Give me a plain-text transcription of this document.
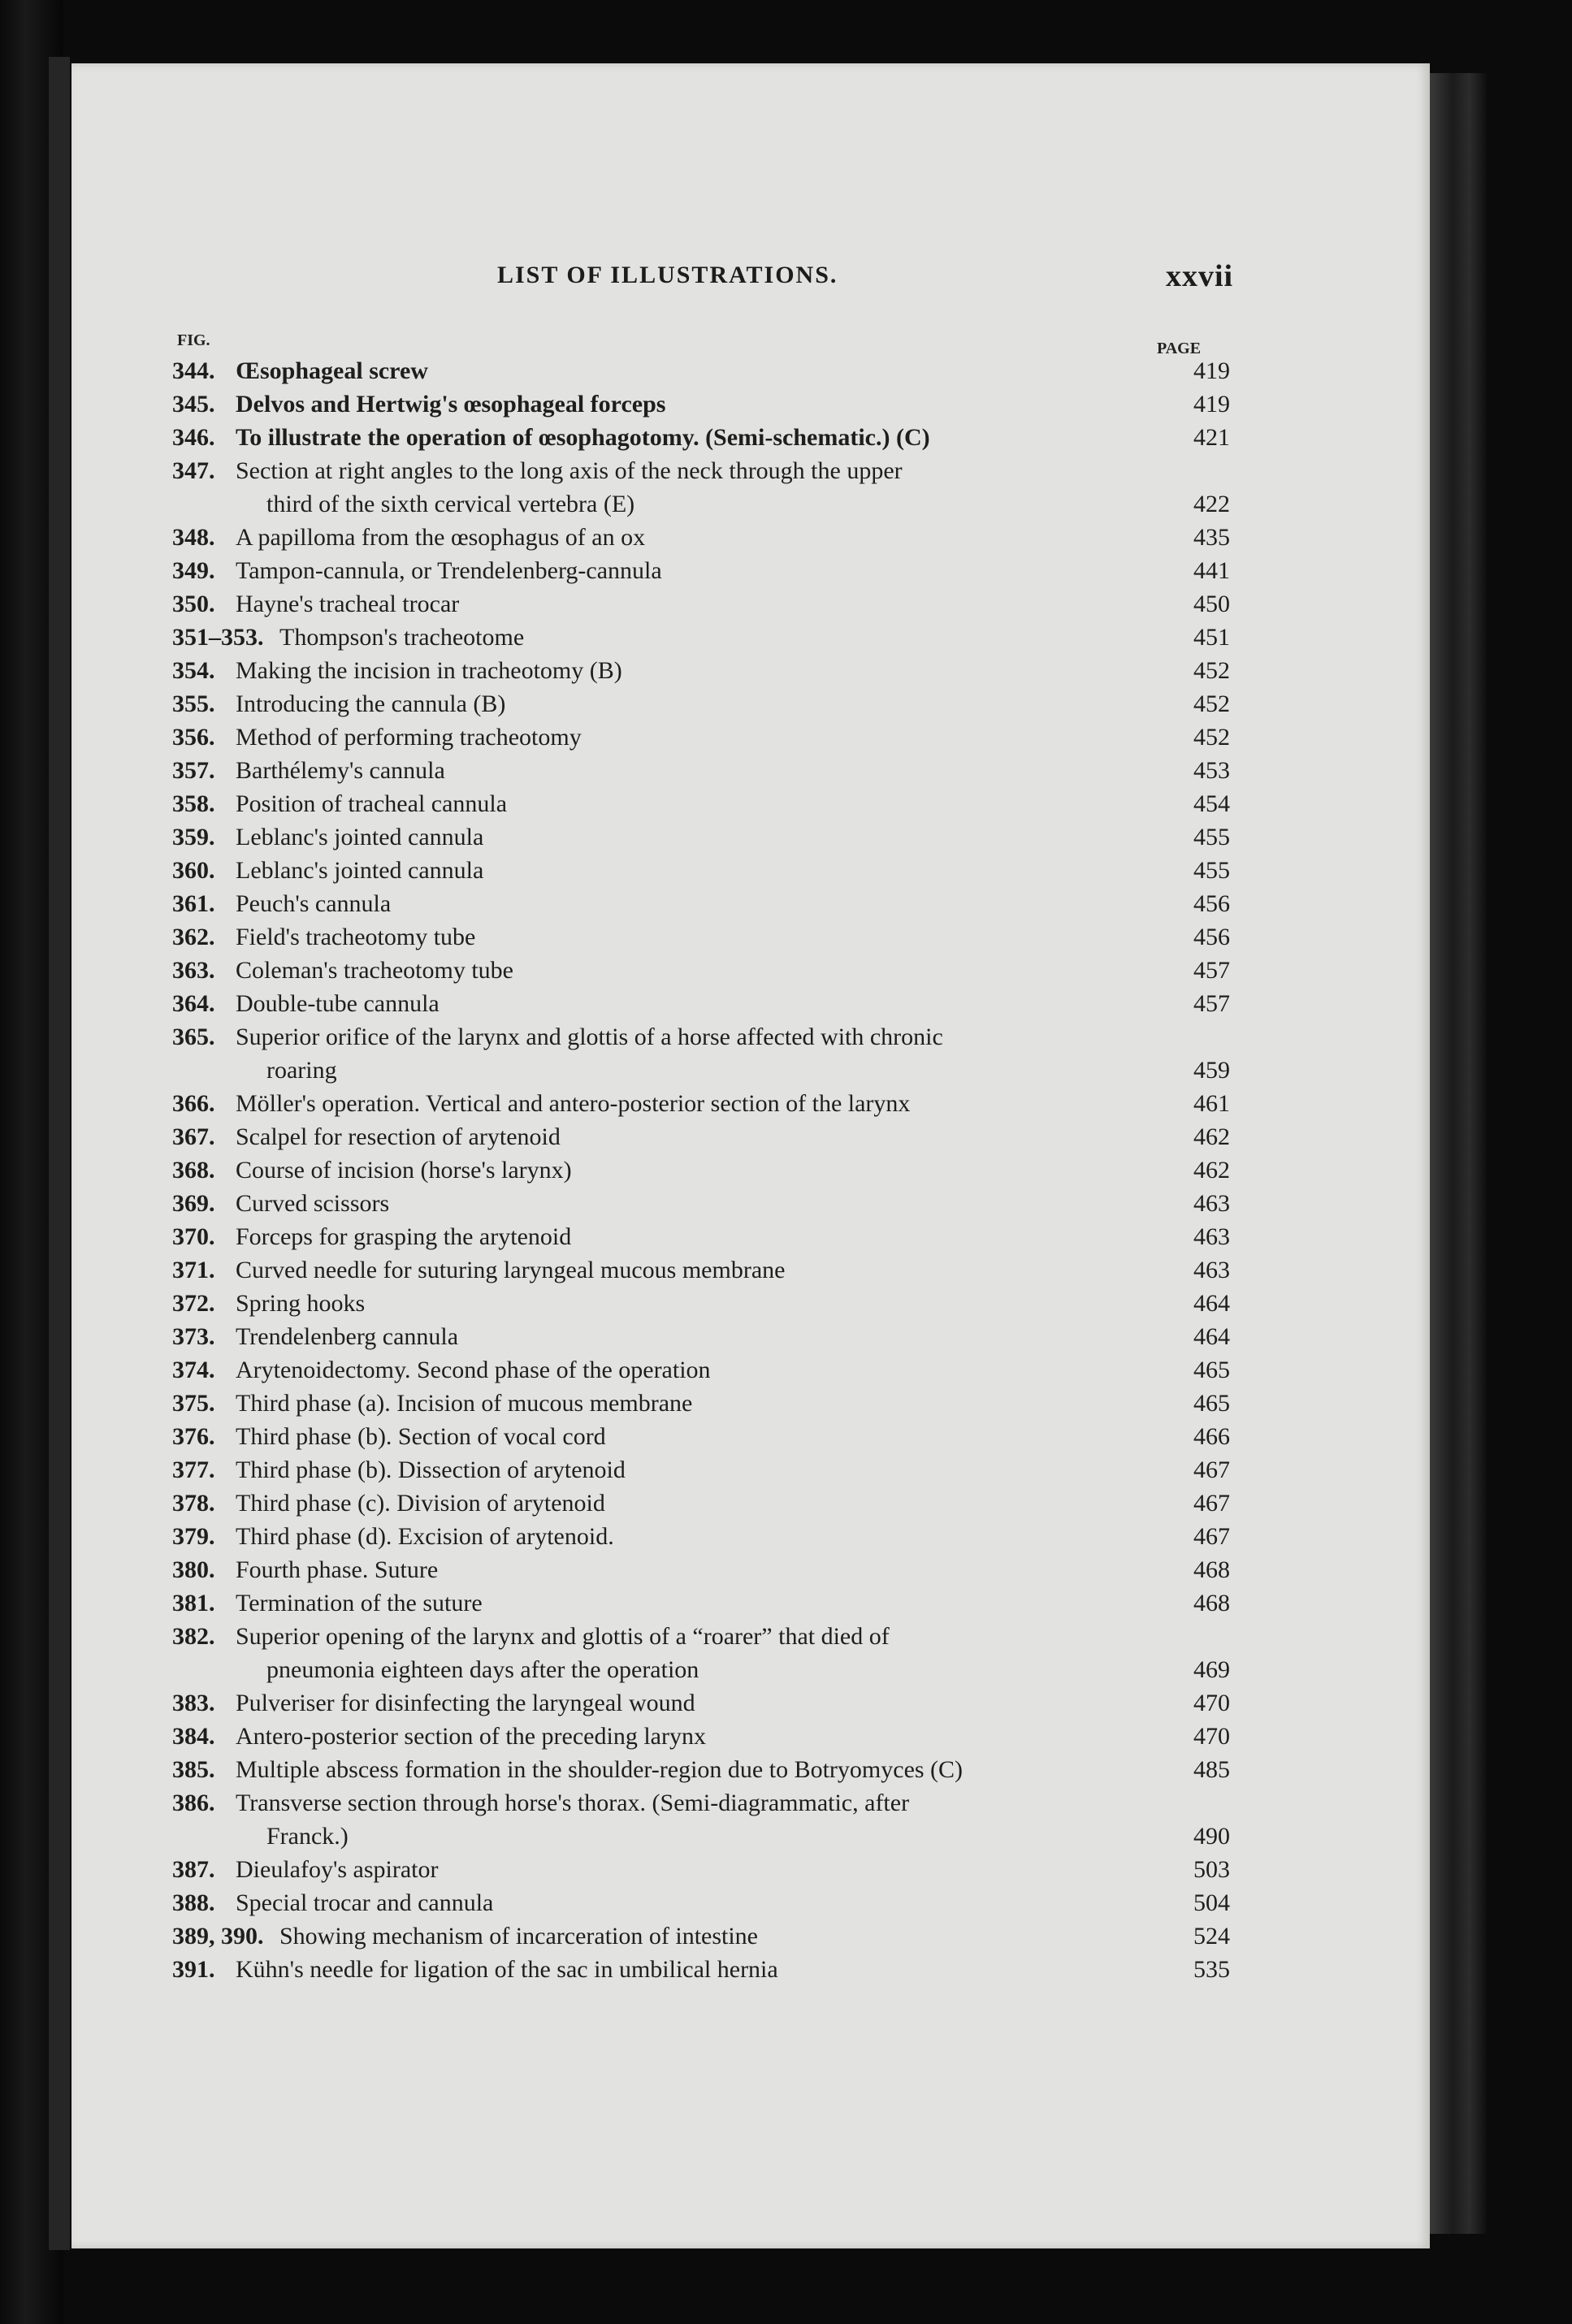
LIST OF ILLUSTRATIONS.	xxvii
FIG.	PAGE
344. Œsophageal screw	419
345. Delvos and Hertwig's œsophageal forceps	419
346. To illustrate the operation of œsophagotomy. (Semi-schematic.) (C)	421
347. Section at right angles to the long axis of the neck through the upper
third of the sixth cervical vertebra (E)	422
348. A papilloma from the œsophagus of an ox	435
349. Tampon-cannula, or Trendelenberg-cannula	441
350. Hayne's tracheal trocar	450
351–353. Thompson's tracheotome	451
354. Making the incision in tracheotomy (B)	452
355. Introducing the cannula (B)	452
356. Method of performing tracheotomy	452
357. Barthélemy's cannula	453
358. Position of tracheal cannula	454
359. Leblanc's jointed cannula	455
360. Leblanc's jointed cannula	455
361. Peuch's cannula	456
362. Field's tracheotomy tube	456
363. Coleman's tracheotomy tube	457
364. Double-tube cannula	457
365. Superior orifice of the larynx and glottis of a horse affected with chronic
roaring	459
366. Möller's operation. Vertical and antero-posterior section of the larynx	461
367. Scalpel for resection of arytenoid	462
368. Course of incision (horse's larynx)	462
369. Curved scissors	463
370. Forceps for grasping the arytenoid	463
371. Curved needle for suturing laryngeal mucous membrane	463
372. Spring hooks	464
373. Trendelenberg cannula	464
374. Arytenoidectomy. Second phase of the operation	465
375. Third phase (a). Incision of mucous membrane	465
376. Third phase (b). Section of vocal cord	466
377. Third phase (b). Dissection of arytenoid	467
378. Third phase (c). Division of arytenoid	467
379. Third phase (d). Excision of arytenoid.	467
380. Fourth phase. Suture	468
381. Termination of the suture	468
382. Superior opening of the larynx and glottis of a “roarer” that died of
pneumonia eighteen days after the operation	469
383. Pulveriser for disinfecting the laryngeal wound	470
384. Antero-posterior section of the preceding larynx	470
385. Multiple abscess formation in the shoulder-region due to Botryomyces (C)	485
386. Transverse section through horse's thorax. (Semi-diagrammatic, after
Franck.)	490
387. Dieulafoy's aspirator	503
388. Special trocar and cannula	504
389, 390. Showing mechanism of incarceration of intestine	524
391. Kühn's needle for ligation of the sac in umbilical hernia	535
